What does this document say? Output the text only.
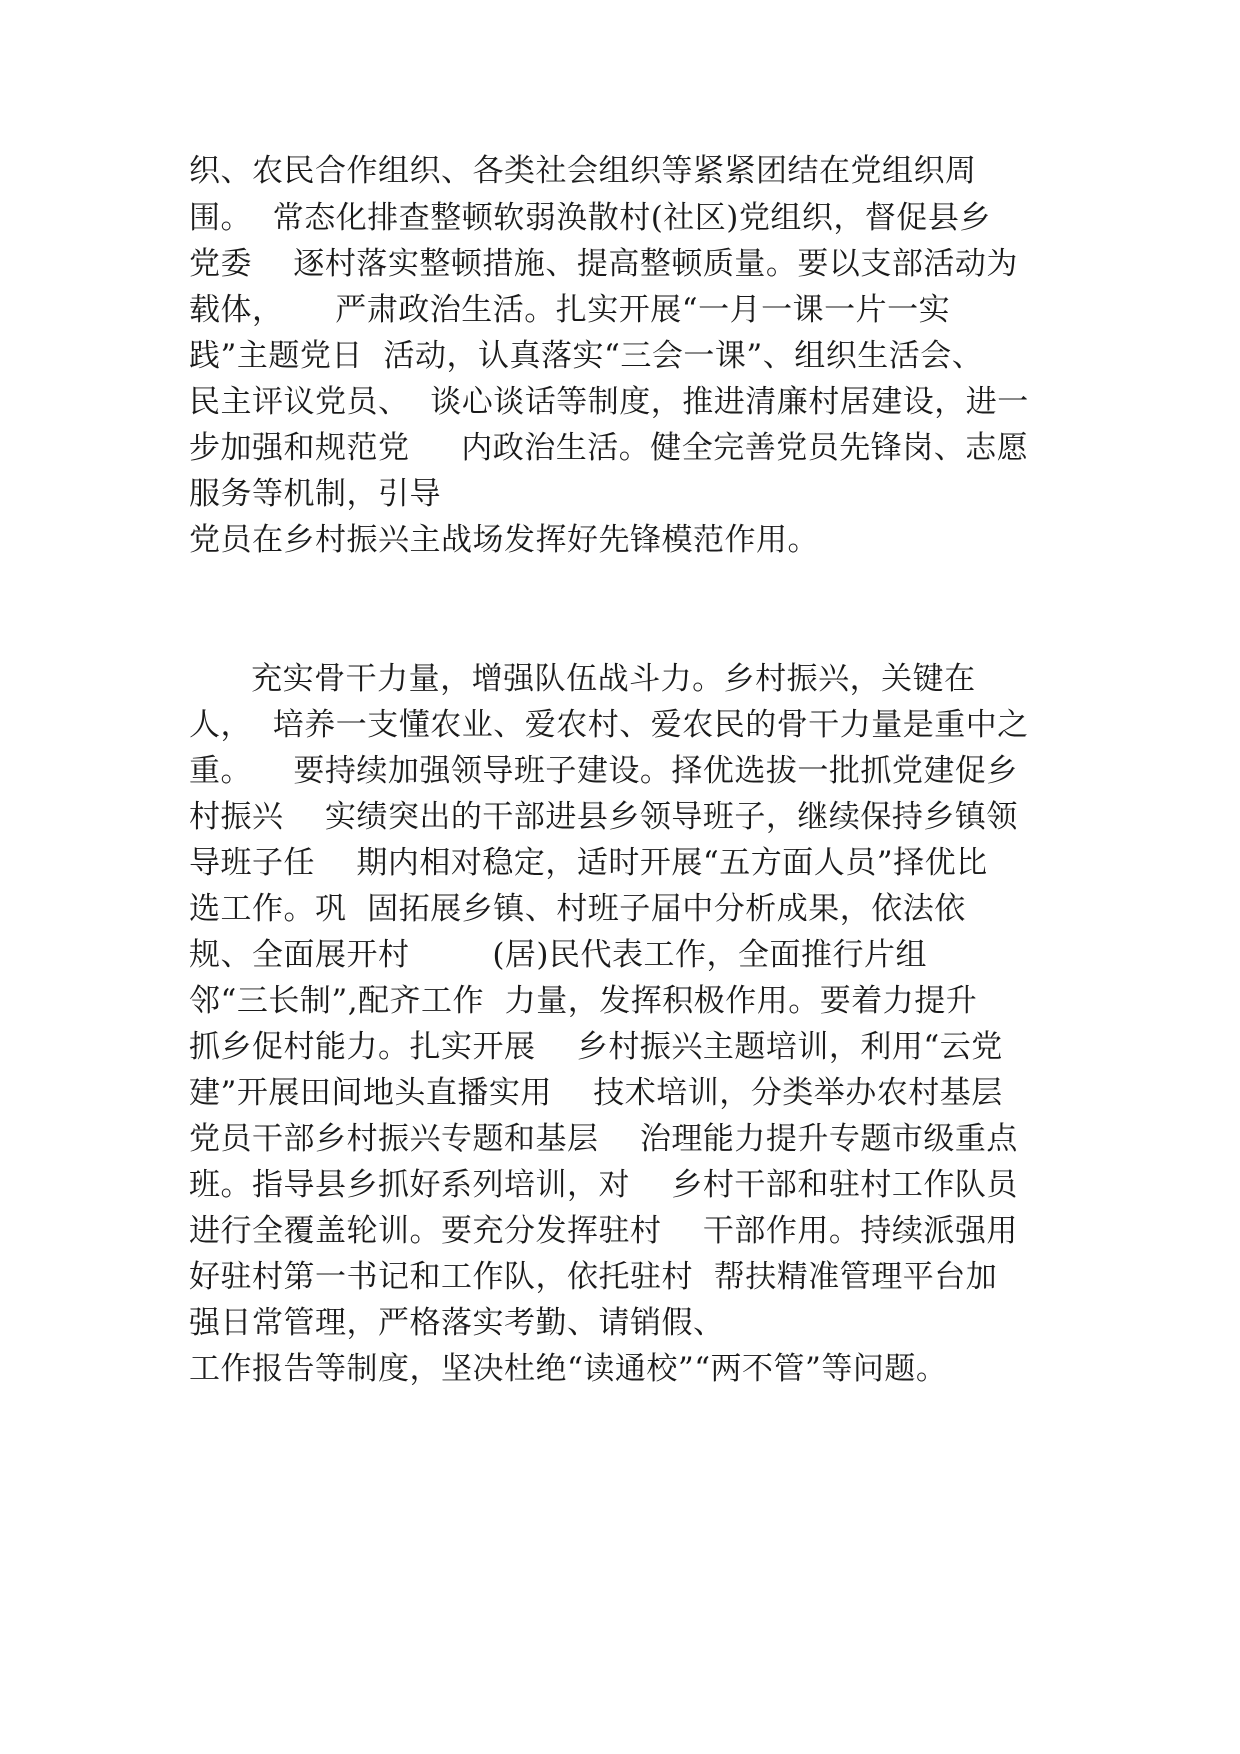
织、农民合作组织、各类社会组织等紧紧团结在党组织周

围。  常态化排查整顿软弱涣散村(社区)党组织，督促县乡

党委    逐村落实整顿措施、提高整顿质量。要以支部活动为

载体，     严肃政治生活。扎实开展“一月一课一片一实

践”主题党日  活动，认真落实“三会一课”、组织生活会、

民主评议党员、  谈心谈话等制度，推进清廉村居建设，进一

步加强和规范党     内政治生活。健全完善党员先锋岗、志愿

服务等机制，引导

党员在乡村振兴主战场发挥好先锋模范作用。

充实骨干力量，增强队伍战斗力。乡村振兴，关键在

人，  培养一支懂农业、爱农村、爱农民的骨干力量是重中之

重。    要持续加强领导班子建设。择优选拔一批抓党建促乡

村振兴    实绩突出的干部进县乡领导班子，继续保持乡镇领

导班子任    期内相对稳定，适时开展“五方面人员”择优比

选工作。巩  固拓展乡镇、村班子届中分析成果，依法依

规、全面展开村        (居)民代表工作，全面推行片组

邻“三长制”,配齐工作  力量，发挥积极作用。要着力提升

抓乡促村能力。扎实开展    乡村振兴主题培训，利用“云党

建”开展田间地头直播实用    技术培训，分类举办农村基层

党员干部乡村振兴专题和基层    治理能力提升专题市级重点

班。指导县乡抓好系列培训，对    乡村干部和驻村工作队员

进行全覆盖轮训。要充分发挥驻村    干部作用。持续派强用

好驻村第一书记和工作队，依托驻村  帮扶精准管理平台加

强日常管理，严格落实考勤、请销假、

工作报告等制度，坚决杜绝“读通校”“两不管”等问题。
